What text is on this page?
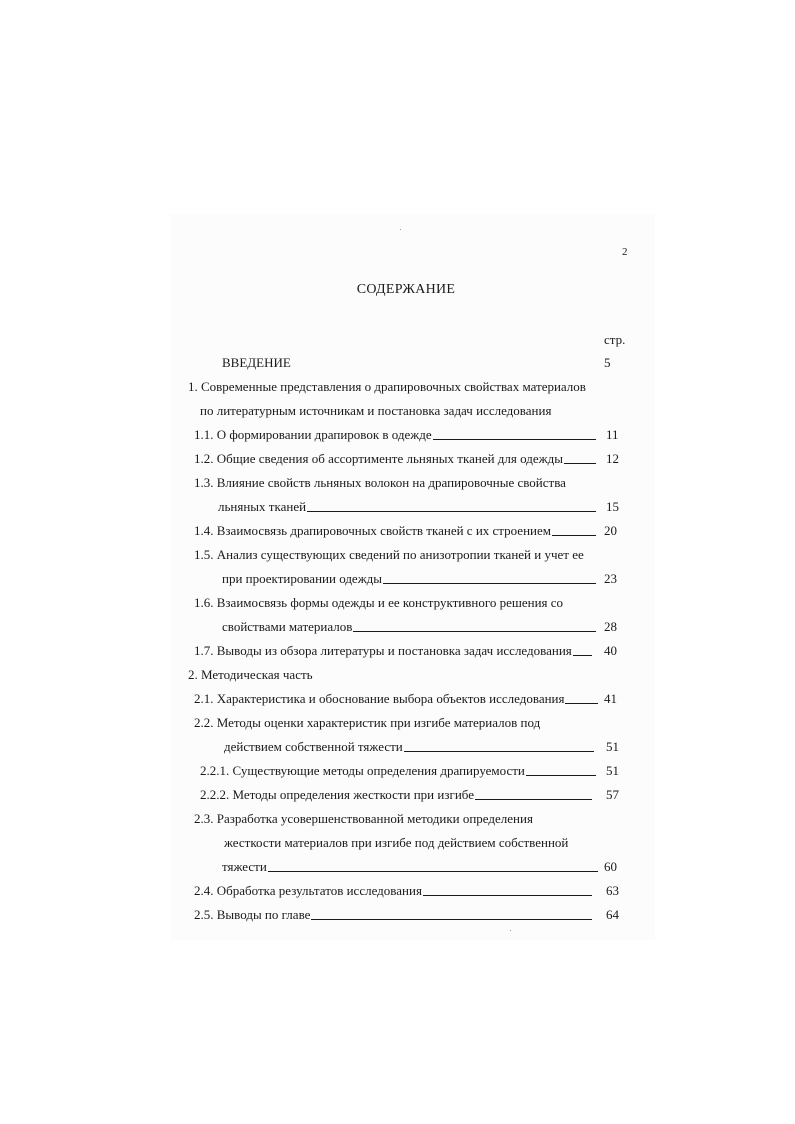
2
СОДЕРЖАНИЕ
стр.
ВВЕДЕНИЕ	5
1. Современные представления о драпировочных свойствах материалов
по литературным источникам и постановка задач исследования
1.1. О формировании драпировок в одежде	11
1.2. Общие сведения об ассортименте льняных тканей для одежды	12
1.3. Влияние свойств льняных волокон на драпировочные свойства
льняных тканей	15
1.4. Взаимосвязь драпировочных свойств тканей с их строением	20
1.5. Анализ существующих сведений по анизотропии тканей и учет ее
при проектировании одежды	23
1.6. Взаимосвязь формы одежды и ее конструктивного решения со
свойствами материалов	28
1.7. Выводы из обзора литературы и постановка задач исследования 40
2. Методическая часть
2.1. Характеристика и обоснование выбора объектов исследования	41
2.2. Методы оценки характеристик при изгибе материалов под
действием собственной тяжести	51
2.2.1. Существующие методы определения драпируемости	51
2.2.2. Методы определения жесткости при изгибе	57
2.3. Разработка усовершенствованной методики определения
жесткости материалов при изгибе под действием собственной
тяжести	60
2.4. Обработка результатов исследования	63
2.5. Выводы по главе	64
